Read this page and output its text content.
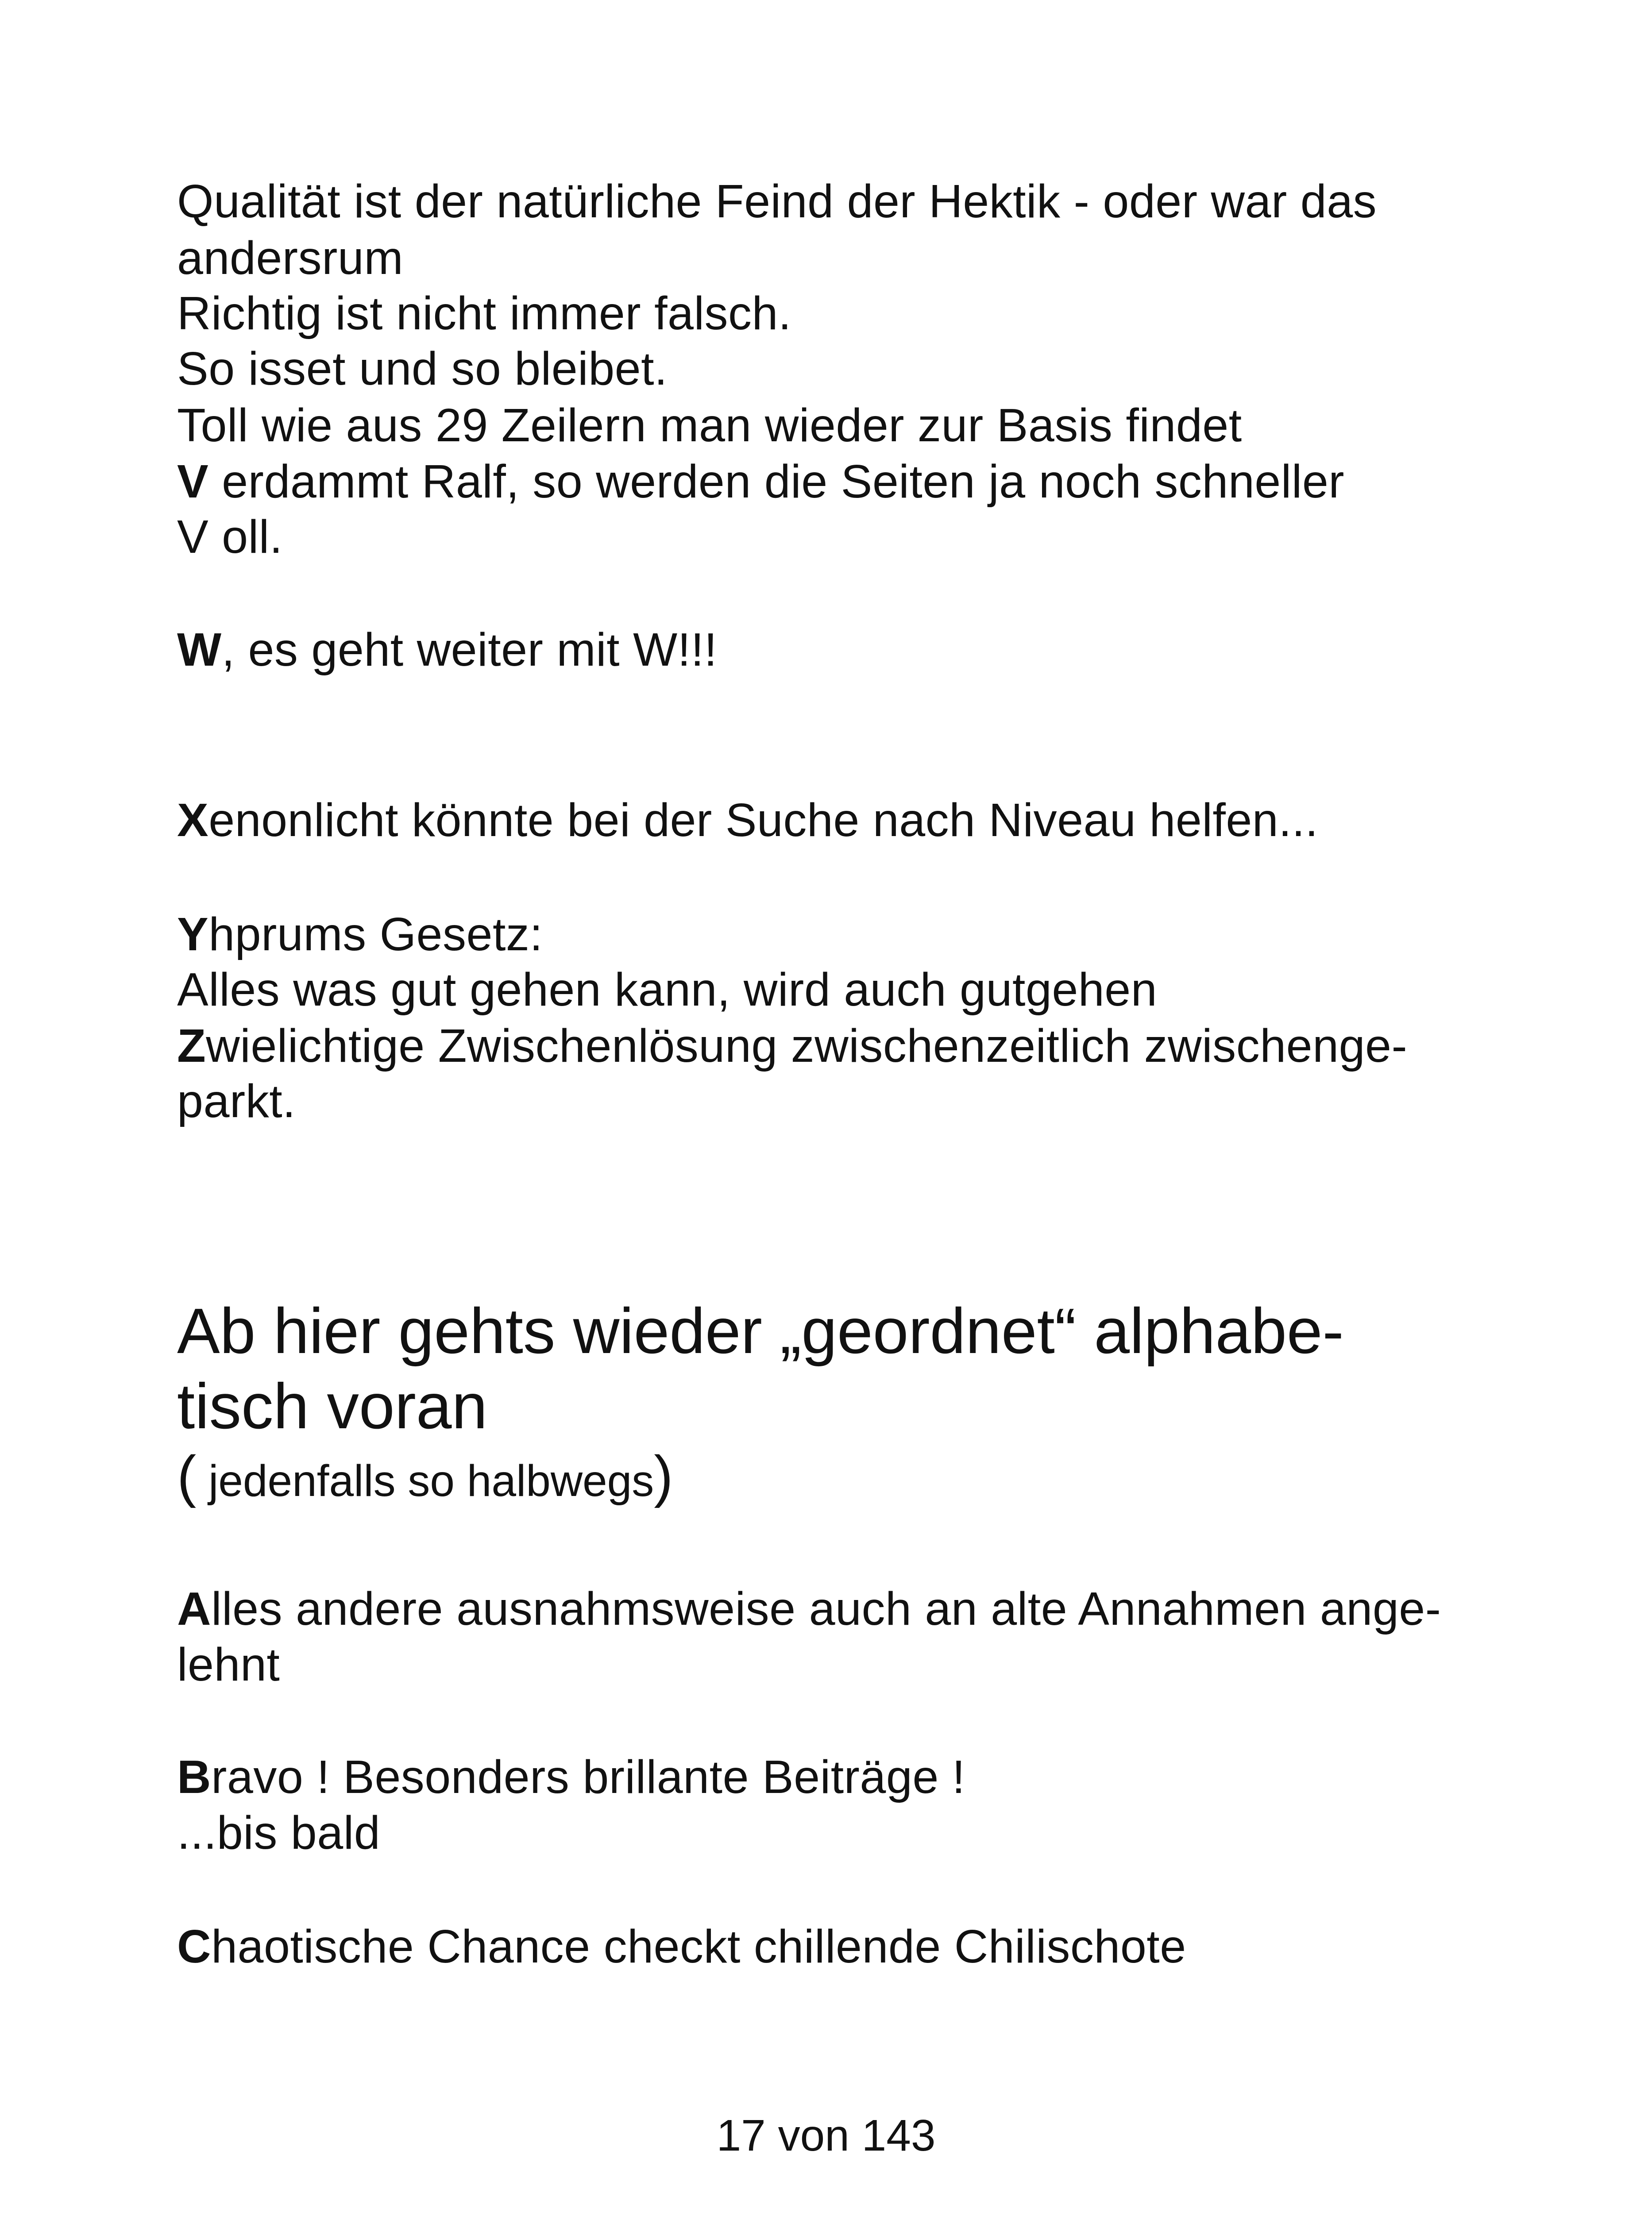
Qualität ist der natürliche Feind der Hektik - oder war das
andersrum
Richtig ist nicht immer falsch.
So isset und so bleibet.
Toll wie aus 29 Zeilern man wieder zur Basis findet
V erdammt Ralf, so werden die Seiten ja noch schneller
V oll.
W, es geht weiter mit W!!!
Xenonlicht könnte bei der Suche nach Niveau helfen...
Yhprums Gesetz:
Alles was gut gehen kann, wird auch gutgehen
Zwielichtige Zwischenlösung zwischenzeitlich zwischenge-
parkt.
Ab hier gehts wieder „geordnet“ alphabe-
tisch voran
( jedenfalls so halbwegs)
Alles andere ausnahmsweise auch an alte Annahmen ange-
lehnt
Bravo ! Besonders brillante Beiträge !
...bis bald
Chaotische Chance checkt chillende Chilischote
17 von 143
